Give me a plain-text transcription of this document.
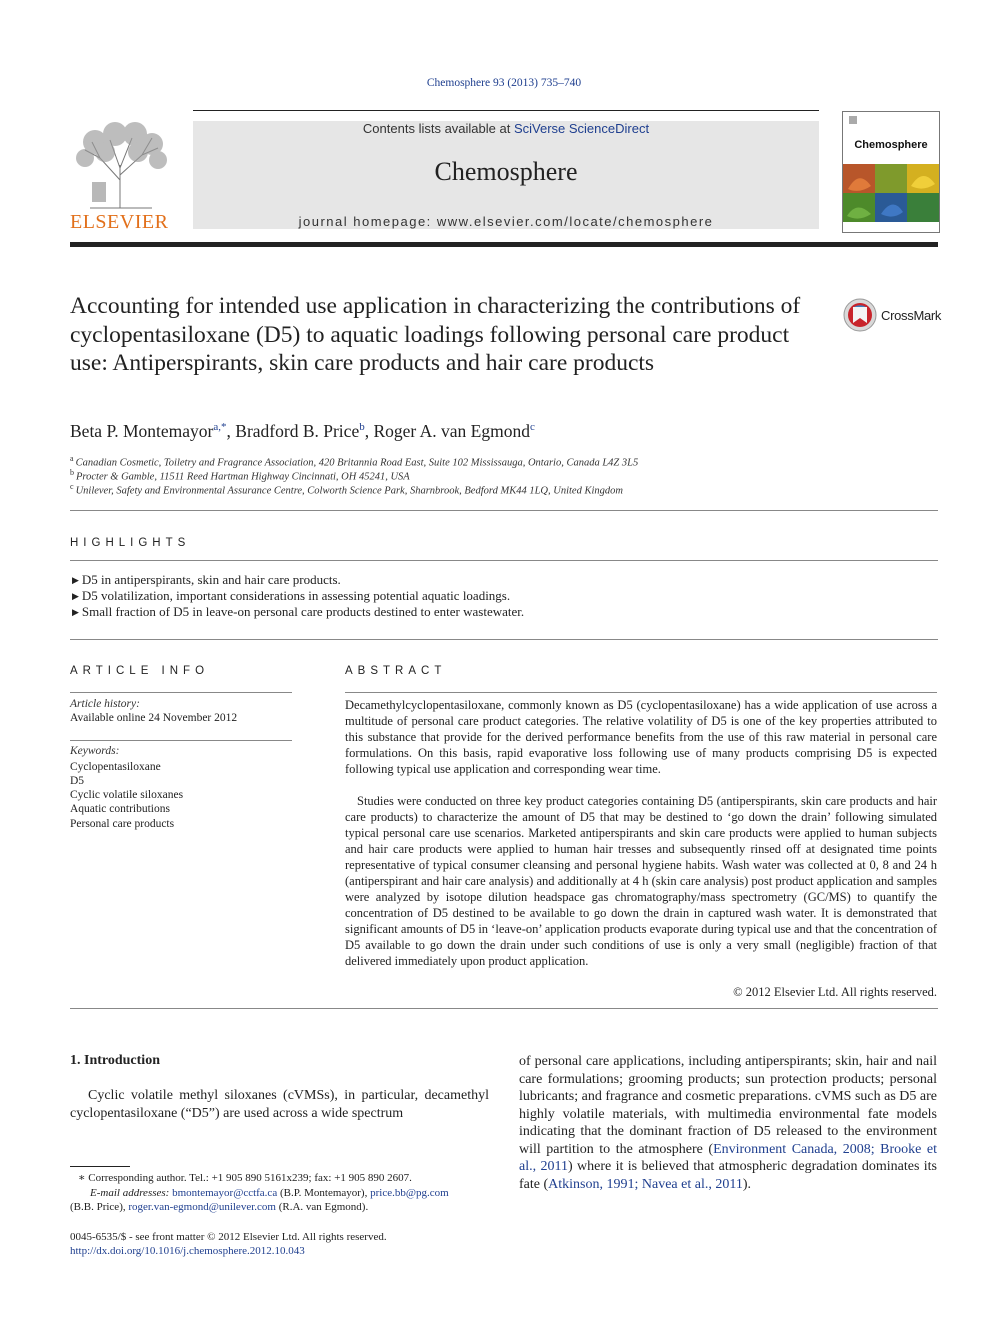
Chemosphere 93 (2013) 735–740
ELSEVIER
Contents lists available at SciVerse ScienceDirect
Chemosphere
journal homepage: www.elsevier.com/locate/chemosphere
Chemosphere
Accounting for intended use application in characterizing the contributions of cyclopentasiloxane (D5) to aquatic loadings following personal care product use: Antiperspirants, skin care products and hair care products
CrossMark
Beta P. Montemayor$^{a,*}$, Bradford B. Price$^b$, Roger A. van Egmond$^c$
$^a$ Canadian Cosmetic, Toiletry and Fragrance Association, 420 Britannia Road East, Suite 102 Mississauga, Ontario, Canada L4Z 3L5
$^b$ Procter & Gamble, 11511 Reed Hartman Highway Cincinnati, OH 45241, USA
$^c$ Unilever, Safety and Environmental Assurance Centre, Colworth Science Park, Sharnbrook, Bedford MK44 1LQ, United Kingdom
HIGHLIGHTS
▶ D5 in antiperspirants, skin and hair care products.
▶ D5 volatilization, important considerations in assessing potential aquatic loadings.
▶ Small fraction of D5 in leave-on personal care products destined to enter wastewater.
ARTICLE INFO
Article history:
Available online 24 November 2012
Keywords:
Cyclopentasiloxane
D5
Cyclic volatile siloxanes
Aquatic contributions
Personal care products
ABSTRACT

Decamethylcyclopentasiloxane, commonly known as D5 (cyclopentasiloxane) has a wide application of use across a multitude of personal care product categories. The relative volatility of D5 is one of the key properties attributed to this substance that provide for the derived performance benefits from the use of this raw material in personal care formulations. On this basis, rapid evaporative loss following use of many products comprising D5 is expected following typical use application and corresponding wear time.

Studies were conducted on three key product categories containing D5 (antiperspirants, skin care products and hair care products) to characterize the amount of D5 that may be destined to ‘go down the drain’ following simulated typical personal care use scenarios. Marketed antiperspirants and skin care products were applied to human subjects and hair care products were applied to human hair tresses and subsequently rinsed off at designated time points representative of typical consumer cleansing and personal hygiene habits. Wash water was collected at 0, 8 and 24 h (antiperspirant and hair care analysis) and additionally at 4 h (skin care analysis) post product application and samples were analyzed by isotope dilution headspace gas chromatography/mass spectrometry (GC/MS) to quantify the concentration of D5 destined to be available to go down the drain in captured wash water. It is demonstrated that significant amounts of D5 in ‘leave-on’ application products evaporate during typical use and that the concentration of D5 available to go down the drain under such conditions of use is only a very small (negligible) fraction of that delivered immediately upon product application.

© 2012 Elsevier Ltd. All rights reserved.
1. Introduction

Cyclic volatile methyl siloxanes (cVMSs), in particular, decamethyl cyclopentasiloxane (“D5”) are used across a wide spectrum

of personal care applications, including antiperspirants; skin, hair and nail care formulations; grooming products; sun protection products; personal lubricants; and fragrance and cosmetic preparations. cVMS such as D5 are highly volatile materials, with multimedia environmental fate models indicating that the dominant fraction of D5 released to the environment will partition to the atmosphere (Environment Canada, 2008; Brooke et al., 2011) where it is believed that atmospheric degradation dominates its fate (Atkinson, 1991; Navea et al., 2011).

∗ Corresponding author. Tel.: +1 905 890 5161x239; fax: +1 905 890 2607.
E-mail addresses: bmontemayor@cctfa.ca (B.P. Montemayor), price.bb@pg.com
(B.B. Price), roger.van-egmond@unilever.com (R.A. van Egmond).
0045-6535/$ - see front matter © 2012 Elsevier Ltd. All rights reserved.
http://dx.doi.org/10.1016/j.chemosphere.2012.10.043
